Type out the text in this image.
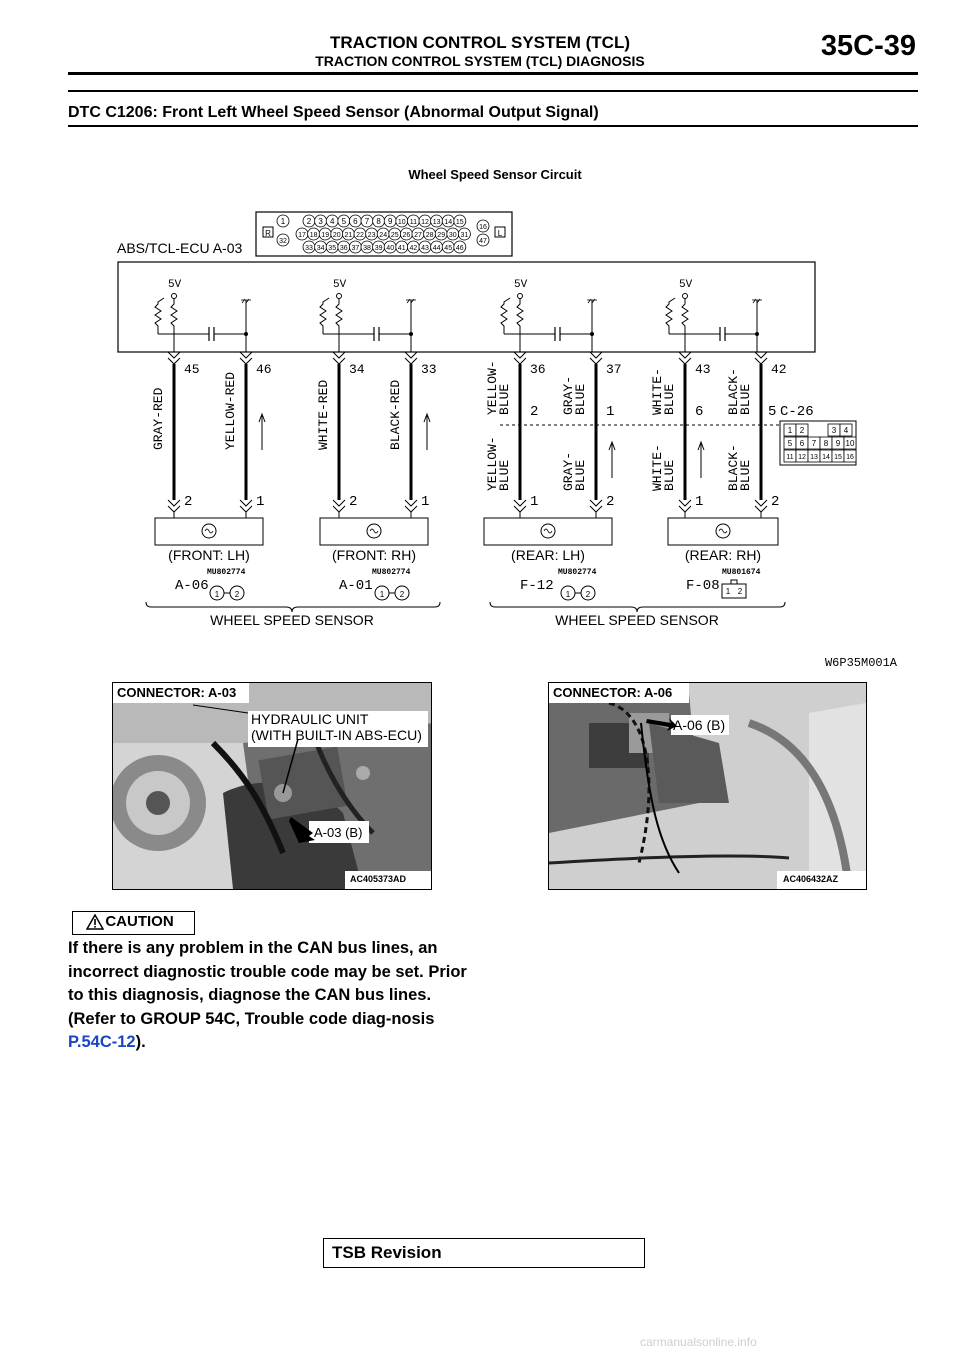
TRACTION CONTROL SYSTEM (TCL)
TRACTION CONTROL SYSTEM (TCL) DIAGNOSIS	35C-39
DTC C1206: Front Left Wheel Speed Sensor (Abnormal Output Signal)
Wheel Speed Sensor Circuit
R	L
1	2 3 4 5 6 7 8 9 10 11 12 13 14 15
16
17 18 19 20 21 22 23 24 25 26 27 28 29 30 31
32
33 34 35 36 37 38 39 40 41 42 43 44 45 46
47
5V	5V	5V	5V
45
2
GRAY-RED
46
1
YELLOW-RED
34
2
WHITE-RED
33
1
BLACK-RED
36
1
YELLOW-
BLUE
YELLOW-
BLUE
37
2
GRAY-
BLUE
GRAY-
BLUE
43
1
WHITE-
BLUE
WHITE-
BLUE
42
2
BLACK-
BLUE
BLACK-
BLUE
2	1	6	5 C-26
1 2	3 4
5 6 7 8 9 10
11 12 13 14 15 16
(FRONT: LH)
A-06
MU802774
1 2
(FRONT: RH)
A-01
MU802774
1 2
(REAR: LH)
F-12
MU802774
1 2
(REAR: RH)
F-08
MU801674
1 2
WHEEL SPEED SENSOR	WHEEL SPEED SENSOR
ABS/TCL-ECU A-03
W6P35M001A
CONNECTOR: A-03
HYDRAULIC UNIT
(WITH BUILT-IN ABS-ECU)
A-03 (B)
AC405373AD
CONNECTOR: A-06
A-06 (B)
AC406432AZ
CAUTION
If there is any problem in the CAN bus lines, an incorrect diagnostic trouble code may be set. Prior to this diagnosis, diagnose the CAN bus lines. (Refer to GROUP 54C, Trouble code diag-nosis P.54C-12).
TSB Revision
carmanualsonline.info
